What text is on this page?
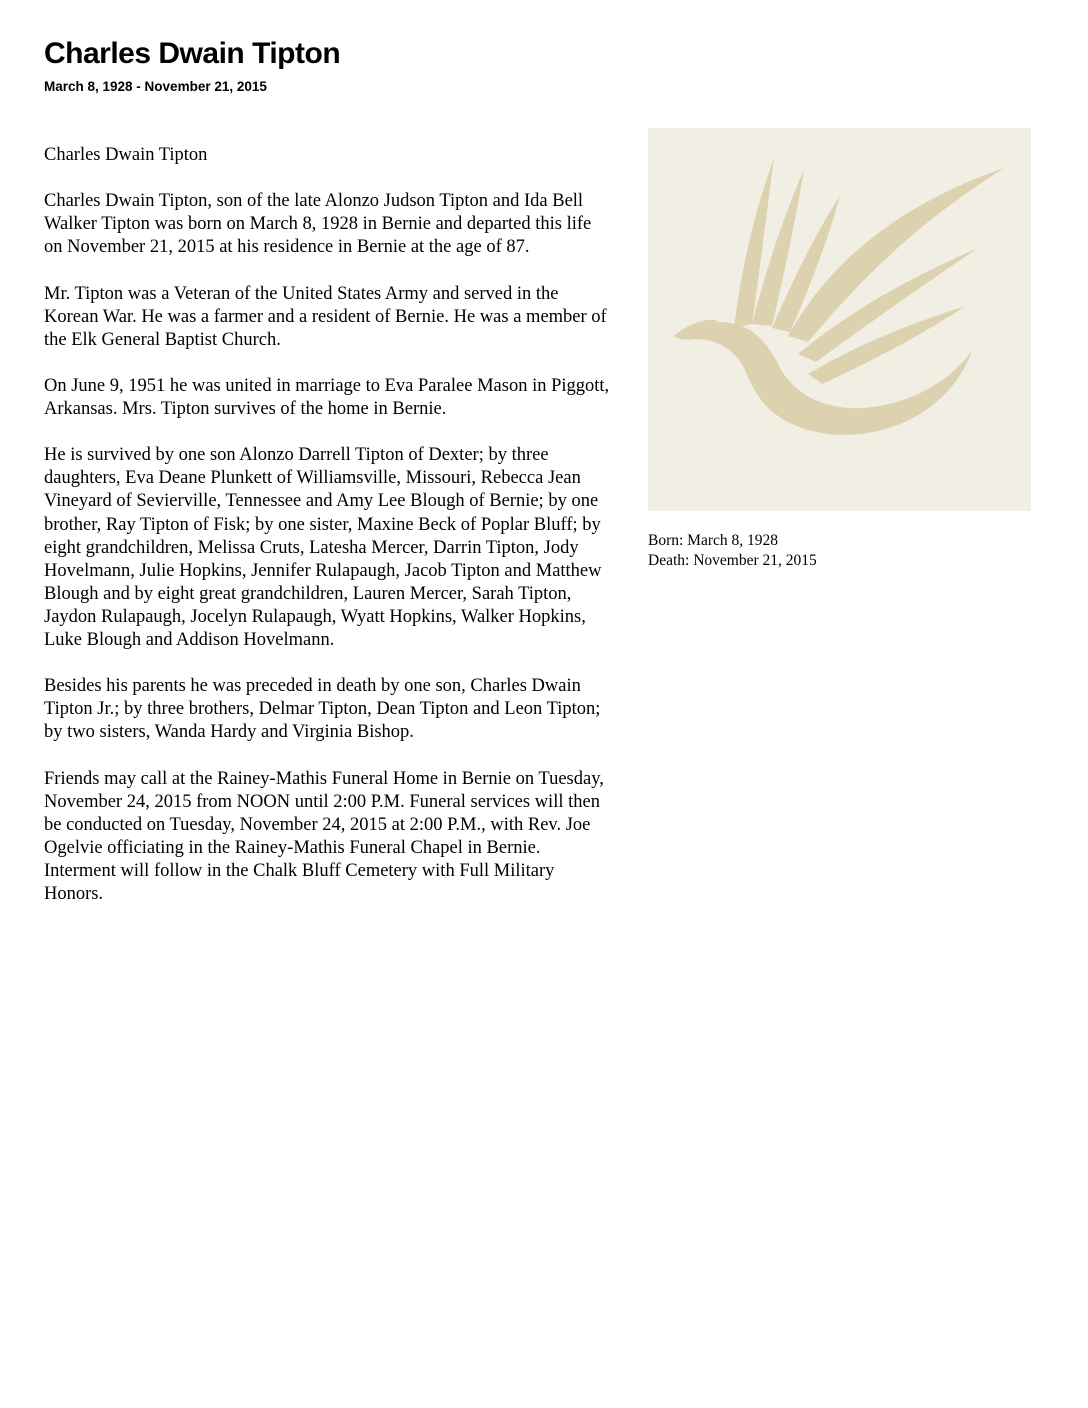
Charles Dwain Tipton
March 8, 1928 - November 21, 2015

Charles Dwain Tipton

Charles Dwain Tipton, son of the late Alonzo Judson Tipton and Ida Bell Walker Tipton was born on March 8, 1928 in Bernie and departed this life on November 21, 2015 at his residence in Bernie at the age of 87.

Mr. Tipton was a Veteran of the United States Army and served in the Korean War. He was a farmer and a resident of Bernie. He was a member of the Elk General Baptist Church.

On June 9, 1951 he was united in marriage to Eva Paralee Mason in Piggott, Arkansas. Mrs. Tipton survives of the home in Bernie.

He is survived by one son Alonzo Darrell Tipton of Dexter; by three daughters, Eva Deane Plunkett of Williamsville, Missouri, Rebecca Jean Vineyard of Sevierville, Tennessee and Amy Lee Blough of Bernie; by one brother, Ray Tipton of Fisk; by one sister, Maxine Beck of Poplar Bluff; by eight grandchildren, Melissa Cruts, Latesha Mercer, Darrin Tipton, Jody Hovelmann, Julie Hopkins, Jennifer Rulapaugh, Jacob Tipton and Matthew Blough and by eight great grandchildren, Lauren Mercer, Sarah Tipton, Jaydon Rulapaugh, Jocelyn Rulapaugh, Wyatt Hopkins, Walker Hopkins, Luke Blough and Addison Hovelmann.

Besides his parents he was preceded in death by one son, Charles Dwain Tipton Jr.; by three brothers, Delmar Tipton, Dean Tipton and Leon Tipton; by two sisters, Wanda Hardy and Virginia Bishop.

Friends may call at the Rainey-Mathis Funeral Home in Bernie on Tuesday, November 24, 2015 from NOON until 2:00 P.M. Funeral services will then be conducted on Tuesday, November 24, 2015 at 2:00 P.M., with Rev. Joe Ogelvie officiating in the Rainey-Mathis Funeral Chapel in Bernie. Interment will follow in the Chalk Bluff Cemetery with Full Military Honors.

Born: March 8, 1928
Death: November 21, 2015
